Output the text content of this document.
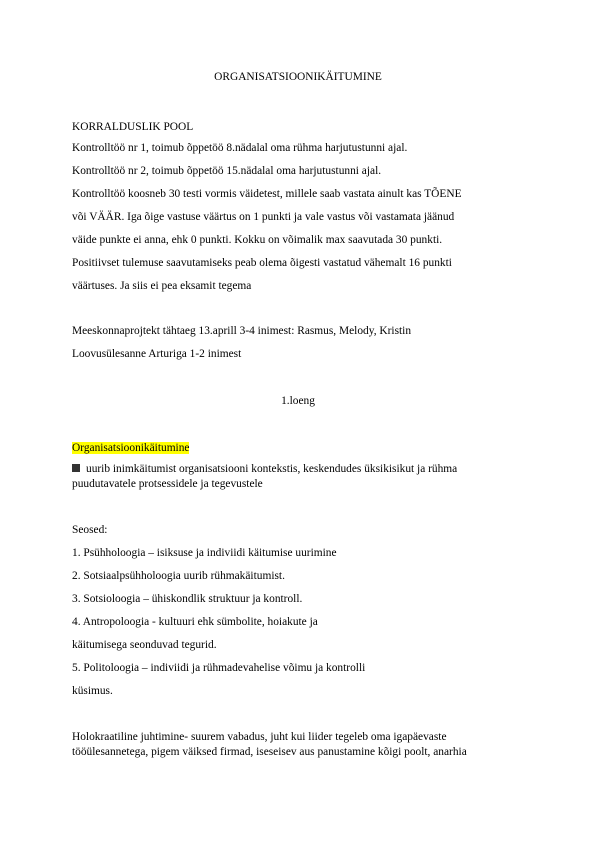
ORGANISATSIOONIKÄITUMINE
KORRALDUSLIK POOL
Kontrolltöö nr 1, toimub õppetöö 8.nädalal oma rühma harjutustunni ajal.
Kontrolltöö nr 2, toimub õppetöö 15.nädalal oma harjutustunni ajal.
Kontrolltöö koosneb 30 testi vormis väidetest, millele saab vastata ainult kas TÕENE
või VÄÄR. Iga õige vastuse väärtus on 1 punkti ja vale vastus või vastamata jäänud
väide punkte ei anna, ehk 0 punkti. Kokku on võimalik max saavutada 30 punkti.
Positiivset tulemuse saavutamiseks peab olema õigesti vastatud vähemalt 16 punkti
väärtuses. Ja siis ei pea eksamit tegema
Meeskonnaprojtekt tähtaeg 13.aprill 3-4 inimest: Rasmus, Melody, Kristin
Loovusülesanne Arturiga 1-2 inimest
1.loeng
Organisatsioonikäitumine
uurib inimkäitumist organisatsiooni kontekstis, keskendudes üksikisikut ja rühma
puudutavatele protsessidele ja tegevustele
Seosed:
1. Psühholoogia – isiksuse ja indiviidi käitumise uurimine
2. Sotsiaalpsühholoogia uurib rühmakäitumist.
3. Sotsioloogia – ühiskondlik struktuur ja kontroll.
4. Antropoloogia - kultuuri ehk sümbolite, hoiakute ja
käitumisega seonduvad tegurid.
5. Politoloogia – indiviidi ja rühmadevahelise võimu ja kontrolli
küsimus.
Holokraatiline juhtimine- suurem vabadus, juht kui liider tegeleb oma igapäevaste
tööülesannetega, pigem väiksed firmad, iseseisev aus panustamine kõigi poolt, anarhia
